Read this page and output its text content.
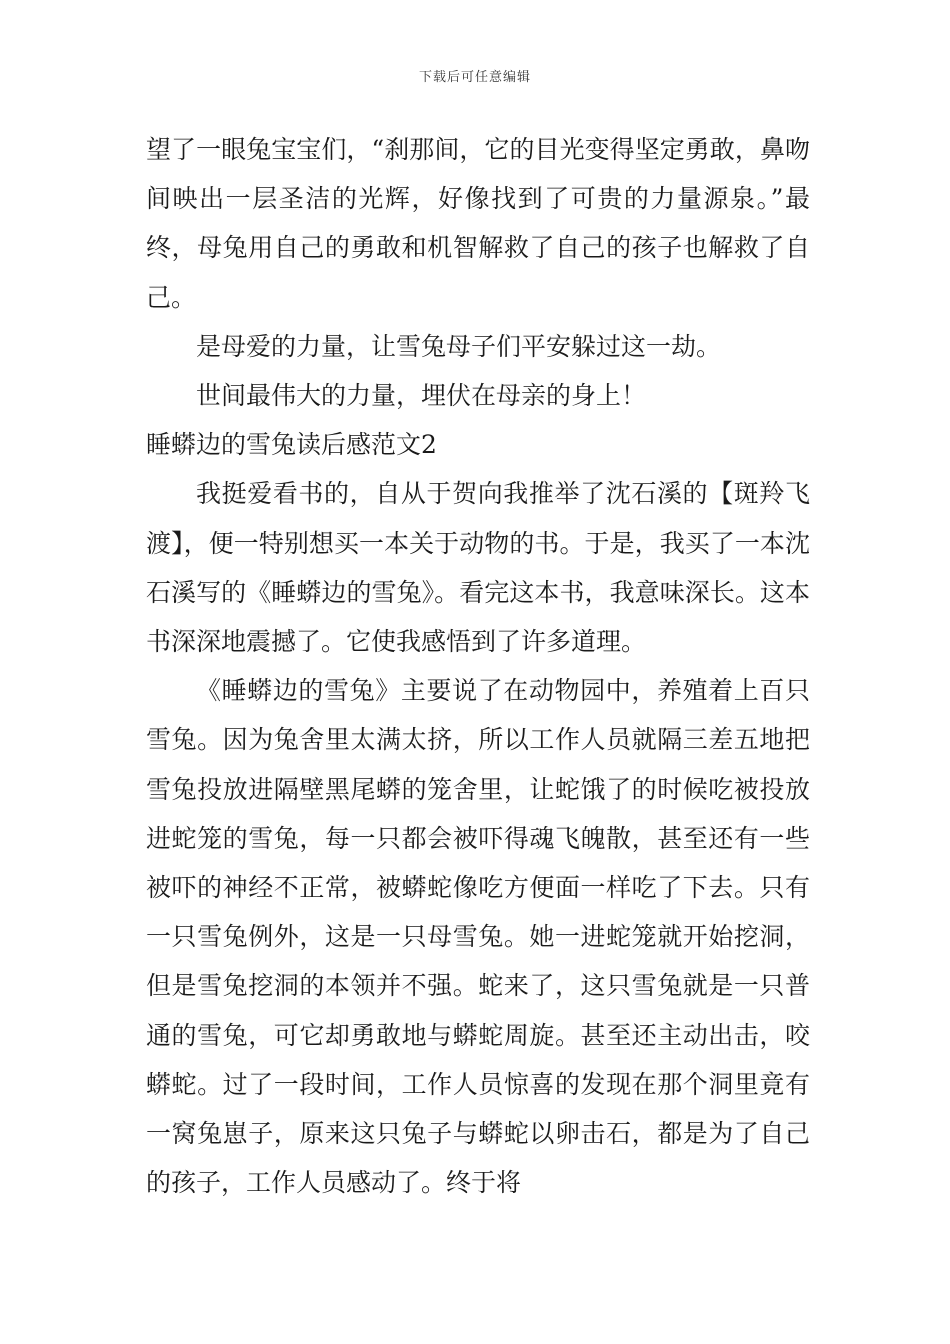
下载后可任意编辑

望了一眼兔宝宝们，“刹那间，它的目光变得坚定勇敢，鼻吻间映出一层圣洁的光辉，好像找到了可贵的力量源泉。”最终，母兔用自己的勇敢和机智解救了自己的孩子也解救了自己。

是母爱的力量，让雪兔母子们平安躲过这一劫。

世间最伟大的力量，埋伏在母亲的身上！

睡蟒边的雪兔读后感范文2

我挺爱看书的，自从于贺向我推举了沈石溪的【斑羚飞渡】，便一特别想买一本关于动物的书。于是，我买了一本沈石溪写的《睡蟒边的雪兔》。看完这本书，我意味深长。这本书深深地震撼了。它使我感悟到了许多道理。

《睡蟒边的雪兔》主要说了在动物园中，养殖着上百只雪兔。因为兔舍里太满太挤，所以工作人员就隔三差五地把雪兔投放进隔壁黑尾蟒的笼舍里，让蛇饿了的时候吃被投放进蛇笼的雪兔，每一只都会被吓得魂飞魄散，甚至还有一些被吓的神经不正常，被蟒蛇像吃方便面一样吃了下去。只有一只雪兔例外，这是一只母雪兔。她一进蛇笼就开始挖洞，但是雪兔挖洞的本领并不强。蛇来了，这只雪兔就是一只普通的雪兔，可它却勇敢地与蟒蛇周旋。甚至还主动出击，咬蟒蛇。过了一段时间，工作人员惊喜的发现在那个洞里竟有一窝兔崽子，原来这只兔子与蟒蛇以卵击石，都是为了自己的孩子，工作人员感动了。终于将
